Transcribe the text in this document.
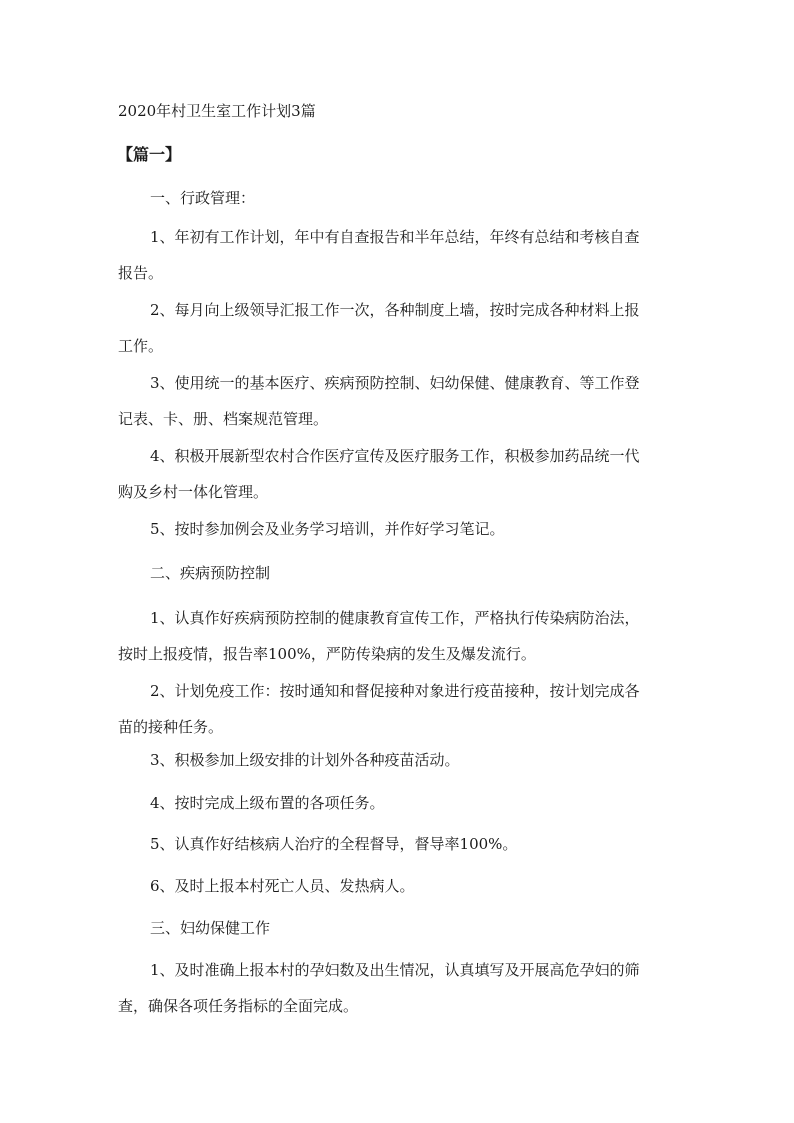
2020年村卫生室工作计划3篇
【篇一】
一、行政管理：
1、年初有工作计划，年中有自查报告和半年总结，年终有总结和考核自查
报告。
2、每月向上级领导汇报工作一次，各种制度上墙，按时完成各种材料上报
工作。
3、使用统一的基本医疗、疾病预防控制、妇幼保健、健康教育、等工作登
记表、卡、册、档案规范管理。
4、积极开展新型农村合作医疗宣传及医疗服务工作，积极参加药品统一代
购及乡村一体化管理。
5、按时参加例会及业务学习培训，并作好学习笔记。
二、疾病预防控制
1、认真作好疾病预防控制的健康教育宣传工作，严格执行传染病防治法，
按时上报疫情，报告率100%，严防传染病的发生及爆发流行。
2、计划免疫工作：按时通知和督促接种对象进行疫苗接种，按计划完成各
苗的接种任务。
3、积极参加上级安排的计划外各种疫苗活动。
4、按时完成上级布置的各项任务。
5、认真作好结核病人治疗的全程督导，督导率100%。
6、及时上报本村死亡人员、发热病人。
三、妇幼保健工作
1、及时准确上报本村的孕妇数及出生情况，认真填写及开展高危孕妇的筛
查，确保各项任务指标的全面完成。
